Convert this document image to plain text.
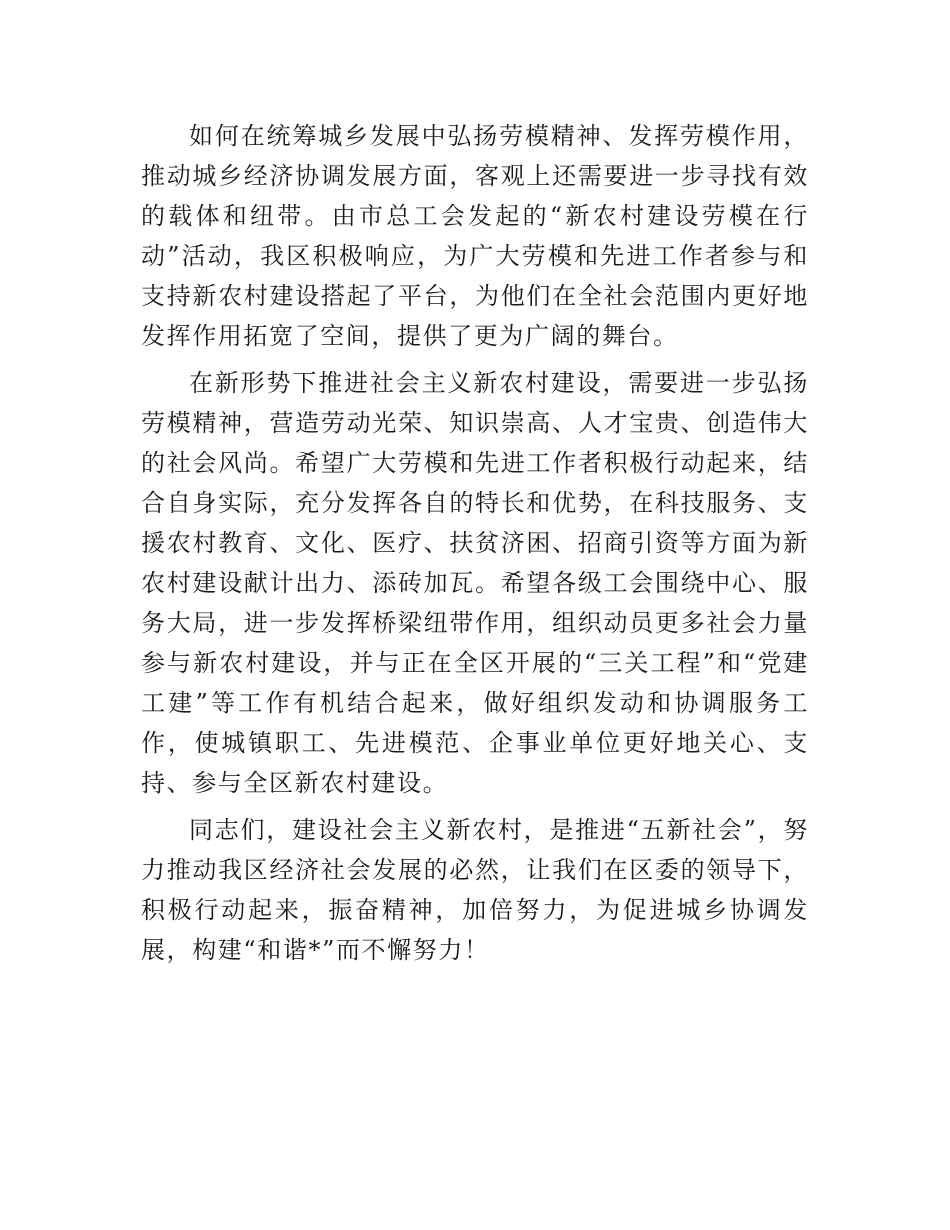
如何在统筹城乡发展中弘扬劳模精神、发挥劳模作用，推动城乡经济协调发展方面，客观上还需要进一步寻找有效的载体和纽带。由市总工会发起的“新农村建设劳模在行动”活动，我区积极响应，为广大劳模和先进工作者参与和支持新农村建设搭起了平台，为他们在全社会范围内更好地发挥作用拓宽了空间，提供了更为广阔的舞台。

在新形势下推进社会主义新农村建设，需要进一步弘扬劳模精神，营造劳动光荣、知识崇高、人才宝贵、创造伟大的社会风尚。希望广大劳模和先进工作者积极行动起来，结合自身实际，充分发挥各自的特长和优势，在科技服务、支援农村教育、文化、医疗、扶贫济困、招商引资等方面为新农村建设献计出力、添砖加瓦。希望各级工会围绕中心、服务大局，进一步发挥桥梁纽带作用，组织动员更多社会力量参与新农村建设，并与正在全区开展的“三关工程”和“党建工建”等工作有机结合起来，做好组织发动和协调服务工作，使城镇职工、先进模范、企事业单位更好地关心、支持、参与全区新农村建设。

同志们，建设社会主义新农村，是推进“五新社会”，努力推动我区经济社会发展的必然，让我们在区委的领导下，积极行动起来，振奋精神，加倍努力，为促进城乡协调发展，构建“和谐*”而不懈努力！
